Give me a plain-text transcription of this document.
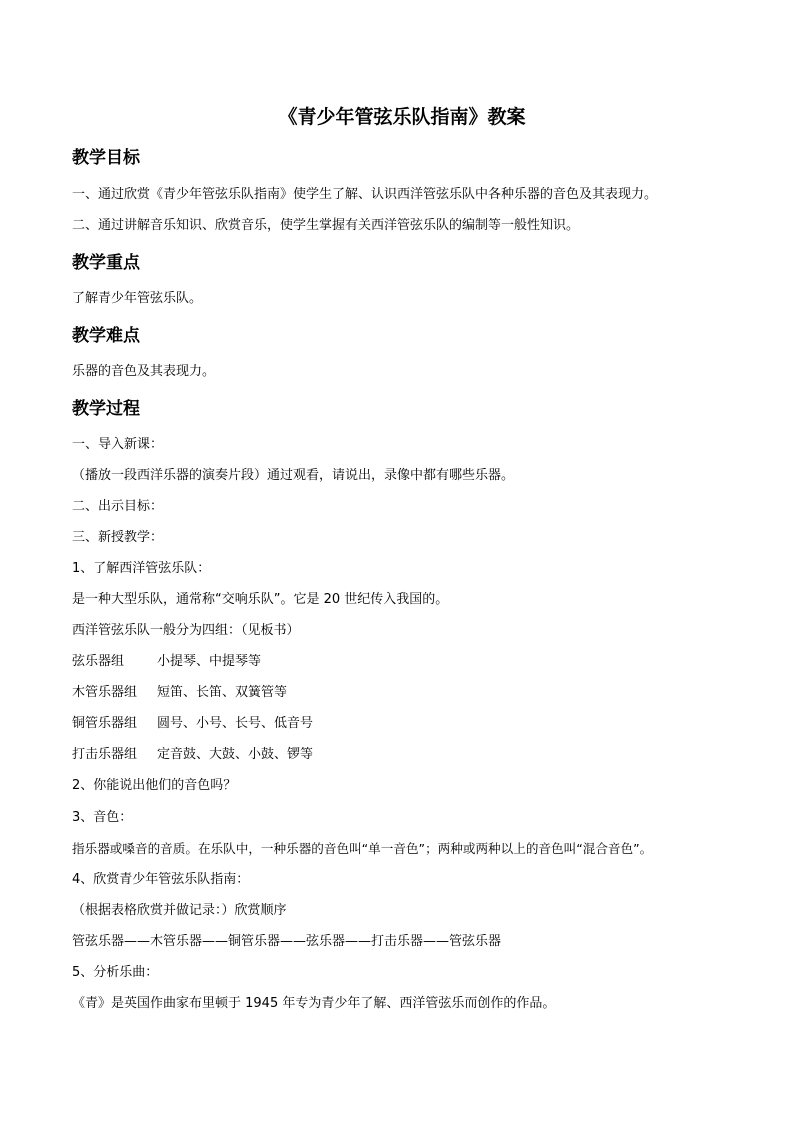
《青少年管弦乐队指南》教案
教学目标
一、通过欣赏《青少年管弦乐队指南》使学生了解、认识西洋管弦乐队中各种乐器的音色及其表现力。
二、通过讲解音乐知识、欣赏音乐，使学生掌握有关西洋管弦乐队的编制等一般性知识。
教学重点
了解青少年管弦乐队。
教学难点
乐器的音色及其表现力。
教学过程
一、导入新课：
（播放一段西洋乐器的演奏片段）通过观看，请说出，录像中都有哪些乐器。
二、出示目标：
三、新授教学：
1、了解西洋管弦乐队：
是一种大型乐队，通常称“交响乐队”。它是 20 世纪传入我国的。
西洋管弦乐队一般分为四组：（见板书）
弦乐器组	小提琴、中提琴等
木管乐器组 短笛、长笛、双簧管等
铜管乐器组 圆号、小号、长号、低音号
打击乐器组 定音鼓、大鼓、小鼓、锣等
2、你能说出他们的音色吗？
3、音色：
指乐器或嗓音的音质。在乐队中，一种乐器的音色叫“单一音色”；两种或两种以上的音色叫“混合音色”。
4、欣赏青少年管弦乐队指南：
（根据表格欣赏并做记录：）欣赏顺序
管弦乐器——木管乐器——铜管乐器——弦乐器——打击乐器——管弦乐器
5、分析乐曲：
《青》是英国作曲家布里顿于 1945 年专为青少年了解、西洋管弦乐而创作的作品。
